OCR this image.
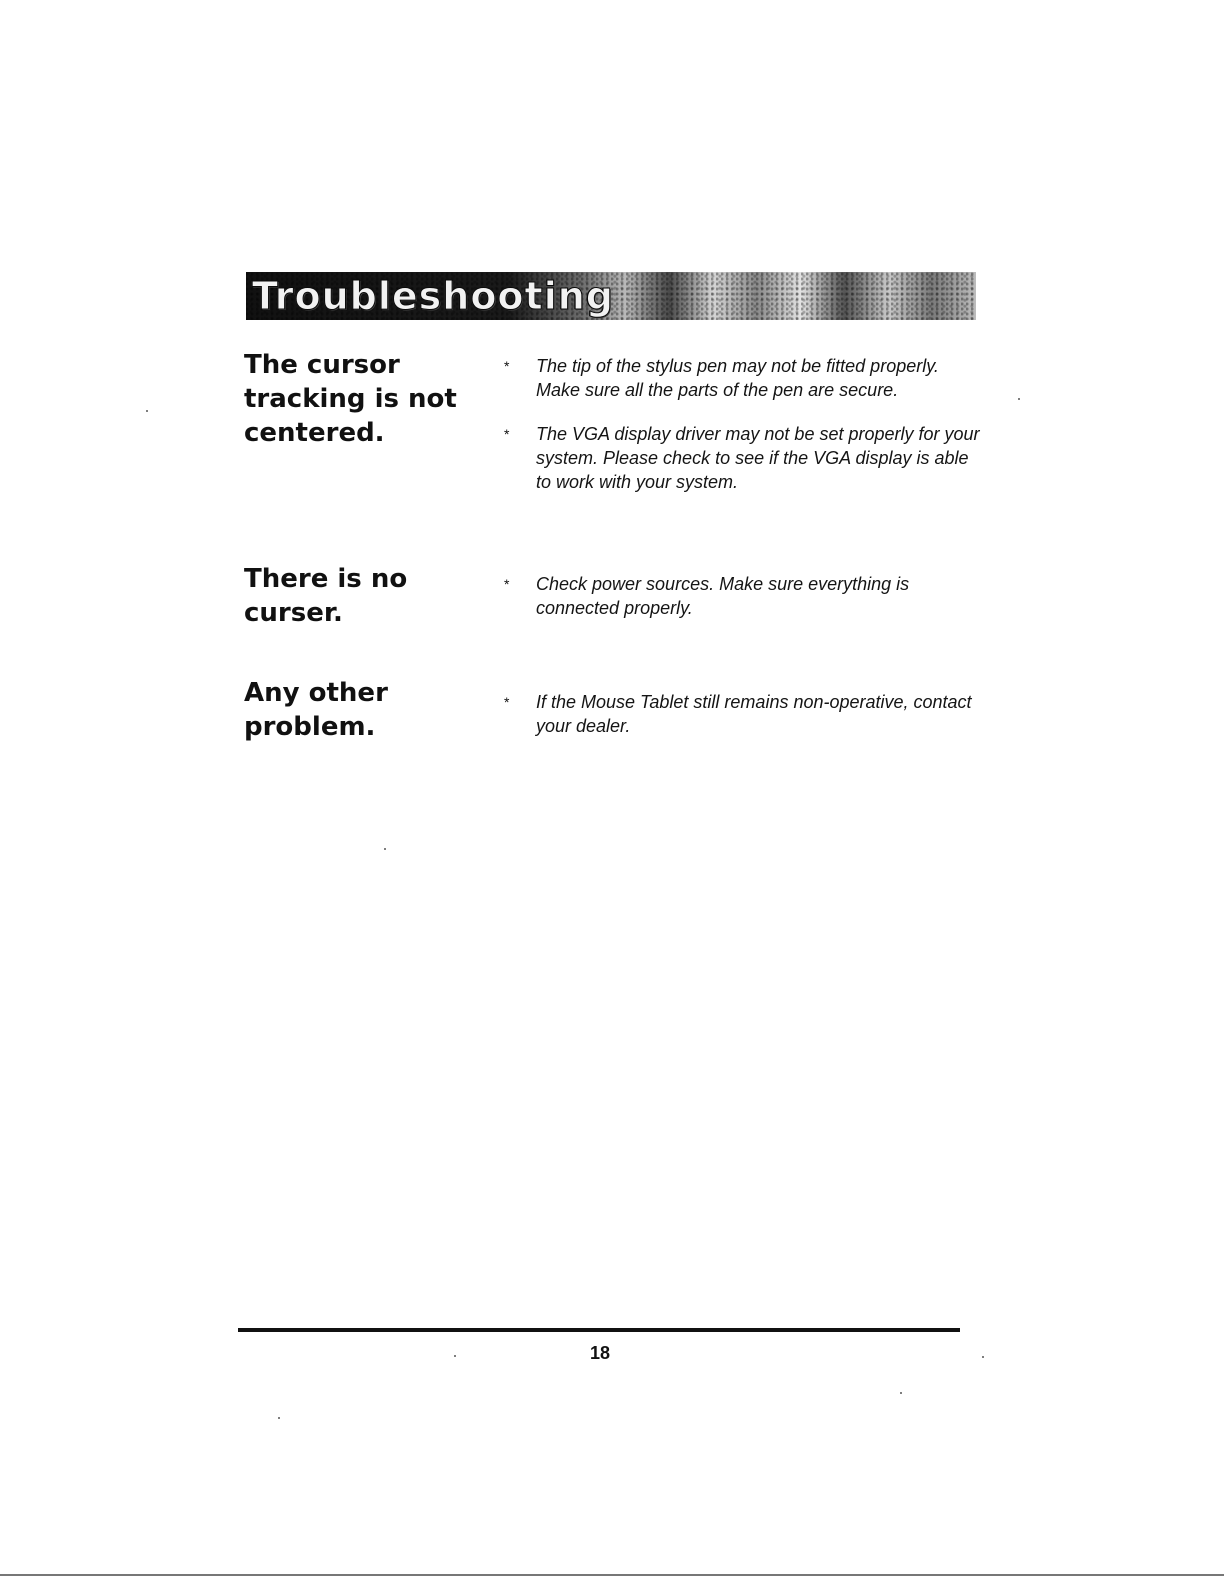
Troubleshooting
The cursor tracking is not centered.
* The tip of the stylus pen may not be fitted properly. Make sure all the parts of the pen are secure.
* The VGA display driver may not be set properly for your system. Please check to see if the VGA display is able to work with your system.
There is no curser.
* Check power sources. Make sure everything is connected properly.
Any other problem.
* If the Mouse Tablet still remains non-operative, contact your dealer.
18
